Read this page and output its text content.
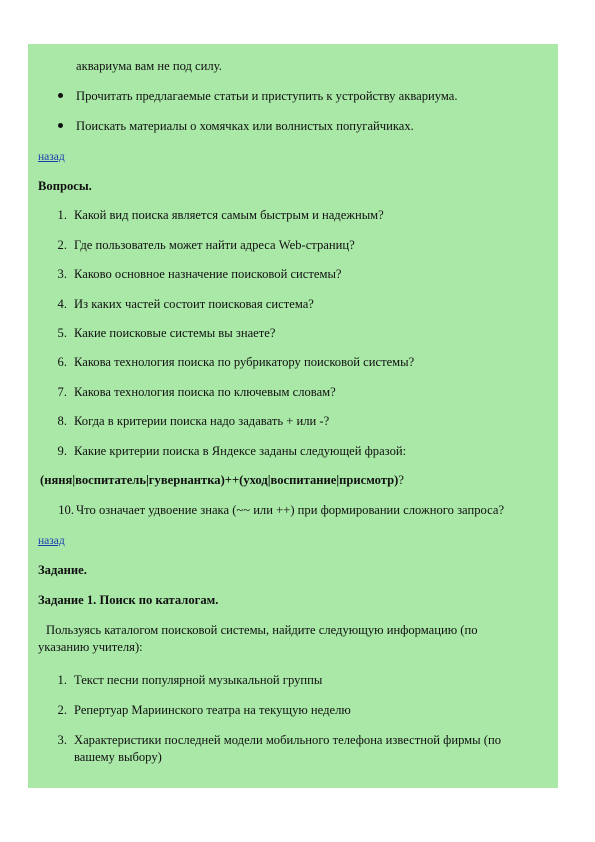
аквариума вам не под силу.
Прочитать предлагаемые статьи и приступить к устройству аквариума.
Поискать материалы о хомячках или волнистых попугайчиках.
назад
Вопросы.
1. Какой вид поиска является самым быстрым и надежным?
2. Где пользователь может найти адреса Web-страниц?
3. Каково основное назначение поисковой системы?
4. Из каких частей состоит поисковая система?
5. Какие поисковые системы вы знаете?
6. Какова технология поиска по рубрикатору поисковой системы?
7. Какова технология поиска по ключевым словам?
8. Когда в критерии поиска надо задавать + или -?
9. Какие критерии поиска в Яндексе заданы следующей фразой:
(няня|воспитатель|гувернантка)++(уход|воспитание|присмотр)?
10. Что означает удвоение знака (~~ или ++) при формировании сложного запроса?
назад
Задание.
Задание 1. Поиск по каталогам.
Пользуясь каталогом поисковой системы, найдите следующую информацию (по
указанию учителя):
1. Текст песни популярной музыкальной группы
2. Репертуар Мариинского театра на текущую неделю
3. Характеристики последней модели мобильного телефона известной фирмы (по
вашему выбору)
